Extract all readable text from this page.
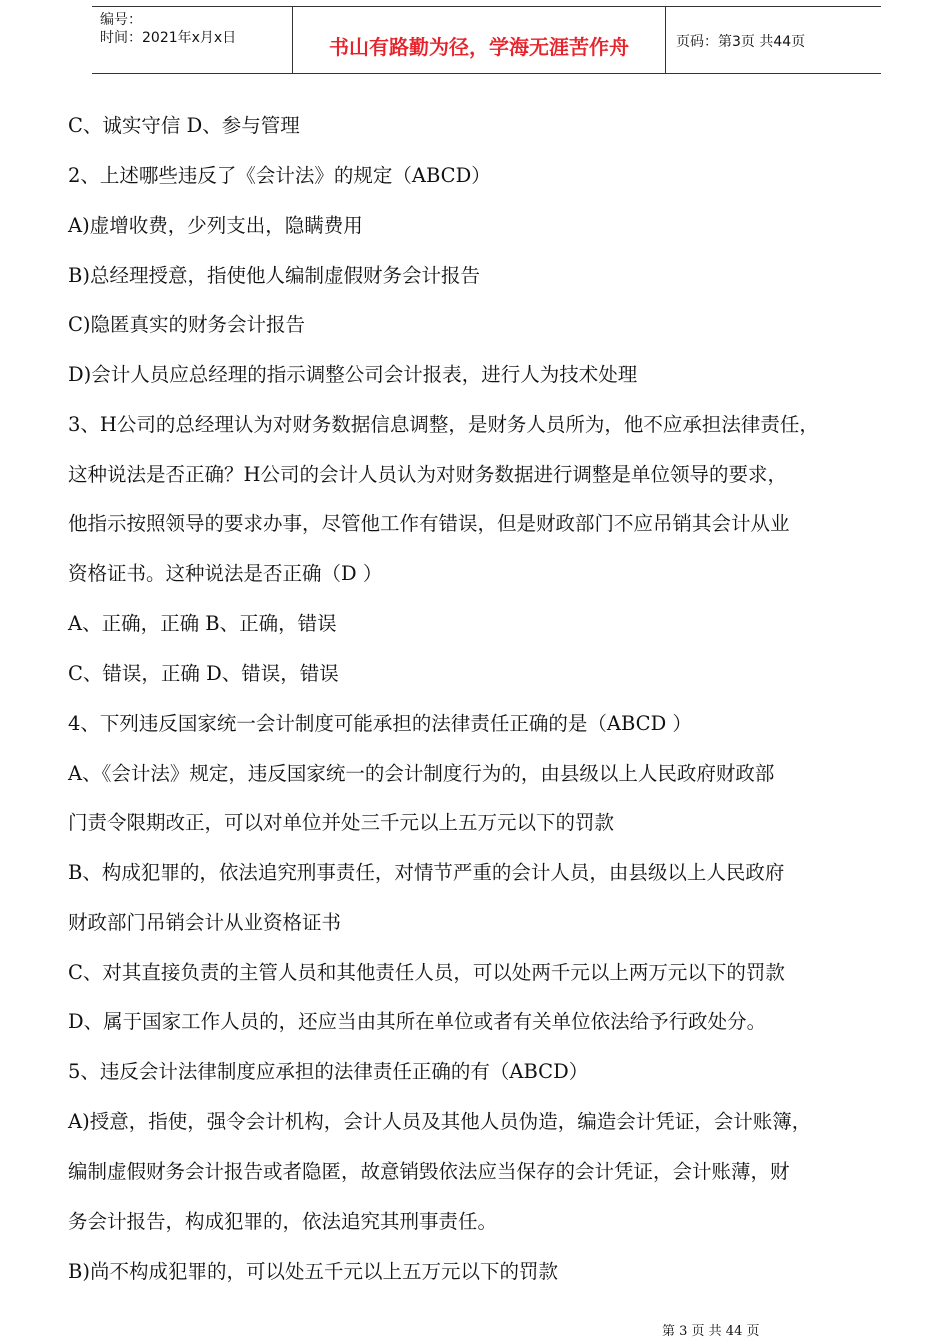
编号：
时间：2021年x月x日	书山有路勤为径，学海无涯苦作舟	页码：第3页 共44页
C、诚实守信 D、参与管理
2、上述哪些违反了《会计法》的规定（ABCD）
A)虚增收费，少列支出，隐瞒费用
B)总经理授意，指使他人编制虚假财务会计报告
C)隐匿真实的财务会计报告
D)会计人员应总经理的指示调整公司会计报表，进行人为技术处理
3、H公司的总经理认为对财务数据信息调整，是财务人员所为，他不应承担法律责任，
这种说法是否正确？H公司的会计人员认为对财务数据进行调整是单位领导的要求，
他指示按照领导的要求办事，尽管他工作有错误，但是财政部门不应吊销其会计从业
资格证书。这种说法是否正确（D ）
A、正确，正确 B、正确，错误
C、错误，正确 D、错误，错误
4、下列违反国家统一会计制度可能承担的法律责任正确的是（ABCD ）
A、《会计法》规定，违反国家统一的会计制度行为的，由县级以上人民政府财政部
门责令限期改正，可以对单位并处三千元以上五万元以下的罚款
B、构成犯罪的，依法追究刑事责任，对情节严重的会计人员，由县级以上人民政府
财政部门吊销会计从业资格证书
C、对其直接负责的主管人员和其他责任人员，可以处两千元以上两万元以下的罚款
D、属于国家工作人员的，还应当由其所在单位或者有关单位依法给予行政处分。
5、违反会计法律制度应承担的法律责任正确的有（ABCD）
A)授意，指使，强令会计机构，会计人员及其他人员伪造，编造会计凭证，会计账簿，
编制虚假财务会计报告或者隐匿，故意销毁依法应当保存的会计凭证，会计账薄，财
务会计报告，构成犯罪的，依法追究其刑事责任。
B)尚不构成犯罪的，可以处五千元以上五万元以下的罚款
第 3 页 共 44 页
